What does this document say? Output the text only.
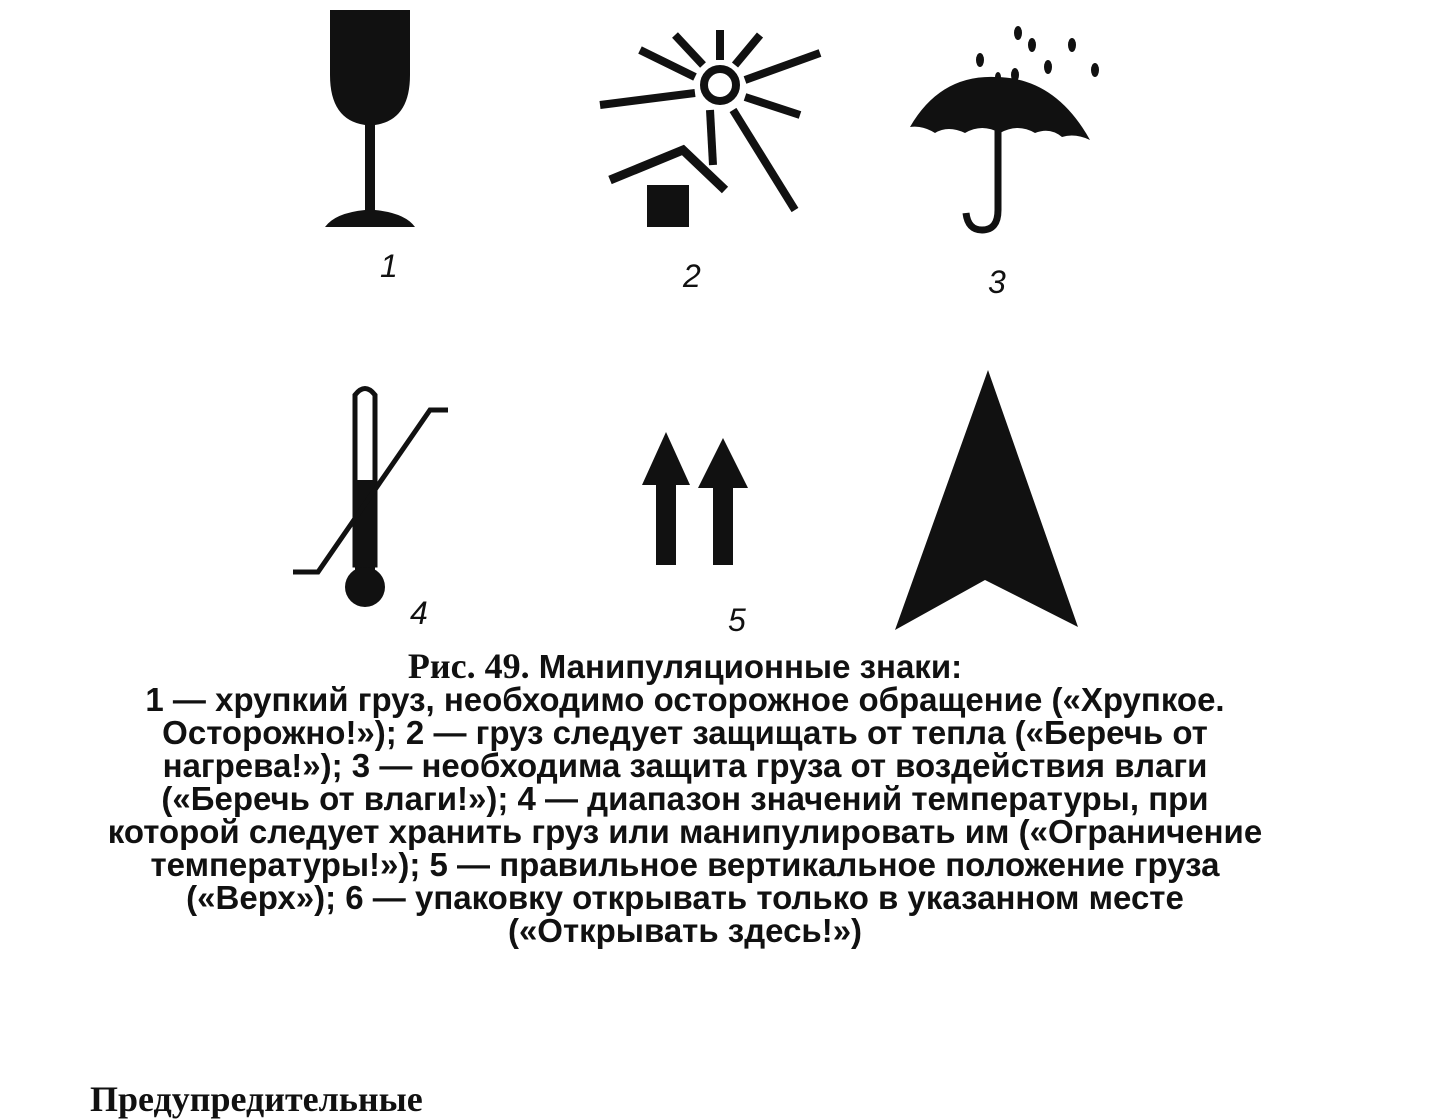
1	2	3
4	5	6
Рис. 49. Манипуляционные знаки:
1 — хрупкий груз, необходимо осторожное обращение («Хрупкое.
Осторожно!»); 2 — груз следует защищать от тепла («Беречь от
нагрева!»); 3 — необходима защита груза от воздействия влаги
(«Беречь от влаги!»); 4 — диапазон значений температуры, при
которой следует хранить груз или манипулировать им («Ограничение
температуры!»); 5 — правильное вертикальное положение груза
(«Верх»); 6 — упаковку открывать только в указанном месте
(«Открывать здесь!»)
Предупредительные
